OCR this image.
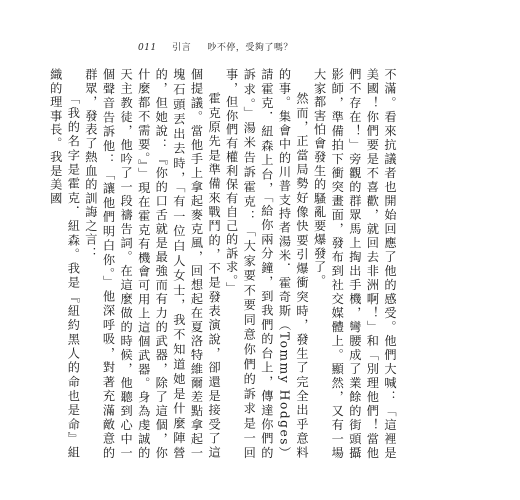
011 引言 　 吵不停，受夠了嗎？

不滿。看來抗議者也開始回應了他的感受。他們大喊：「這裡是美國！你們要是不喜歡，就回去非洲啊！」和「別理他們！當他們不存在！」旁觀的群眾馬上掏出手機，彎腰成了業餘的街頭攝影師，準備拍下衝突畫面，發布到社交媒體上。顯然，又有一場大家都害怕會發生的騷亂要爆發了。

然而，正當局勢好像快要引爆衝突時，發生了完全出乎意料的事。集會中的川普支持者湯米．霍奇斯（Tommy Hodges）請霍克．紐森上台，「給你兩分鐘，到我們的台上，傳達你們的訴求。」湯米告訴霍克：「大家要不要同意你們的訴求是一回事，但你們有權利保有自己的訴求。」

霍克原先是準備來戰鬥的，不是發表演說，卻還是接受了這個提議。當他手上拿起麥克風，回想起在夏洛特維爾差點拿起一塊石頭丟出去時，「有一位白人女士，我不知道她是什麼陣營的，但她說：『你的口舌就是最強而有力的武器，除了這個，你什麼都不需要。』」現在霍克有機會可用上這個武器。身為虔誠的天主教徒，他吟了一段禱告詞。在這麼做的時候，他聽到心中一個聲音告訴他：「讓他們明白你。」他深呼吸，對著充滿敵意的群眾，發表了熱血的訓誨之言：

「我的名字是霍克．紐森。我是『紐約黑人的命也是命』組織的理事長。我是美國
